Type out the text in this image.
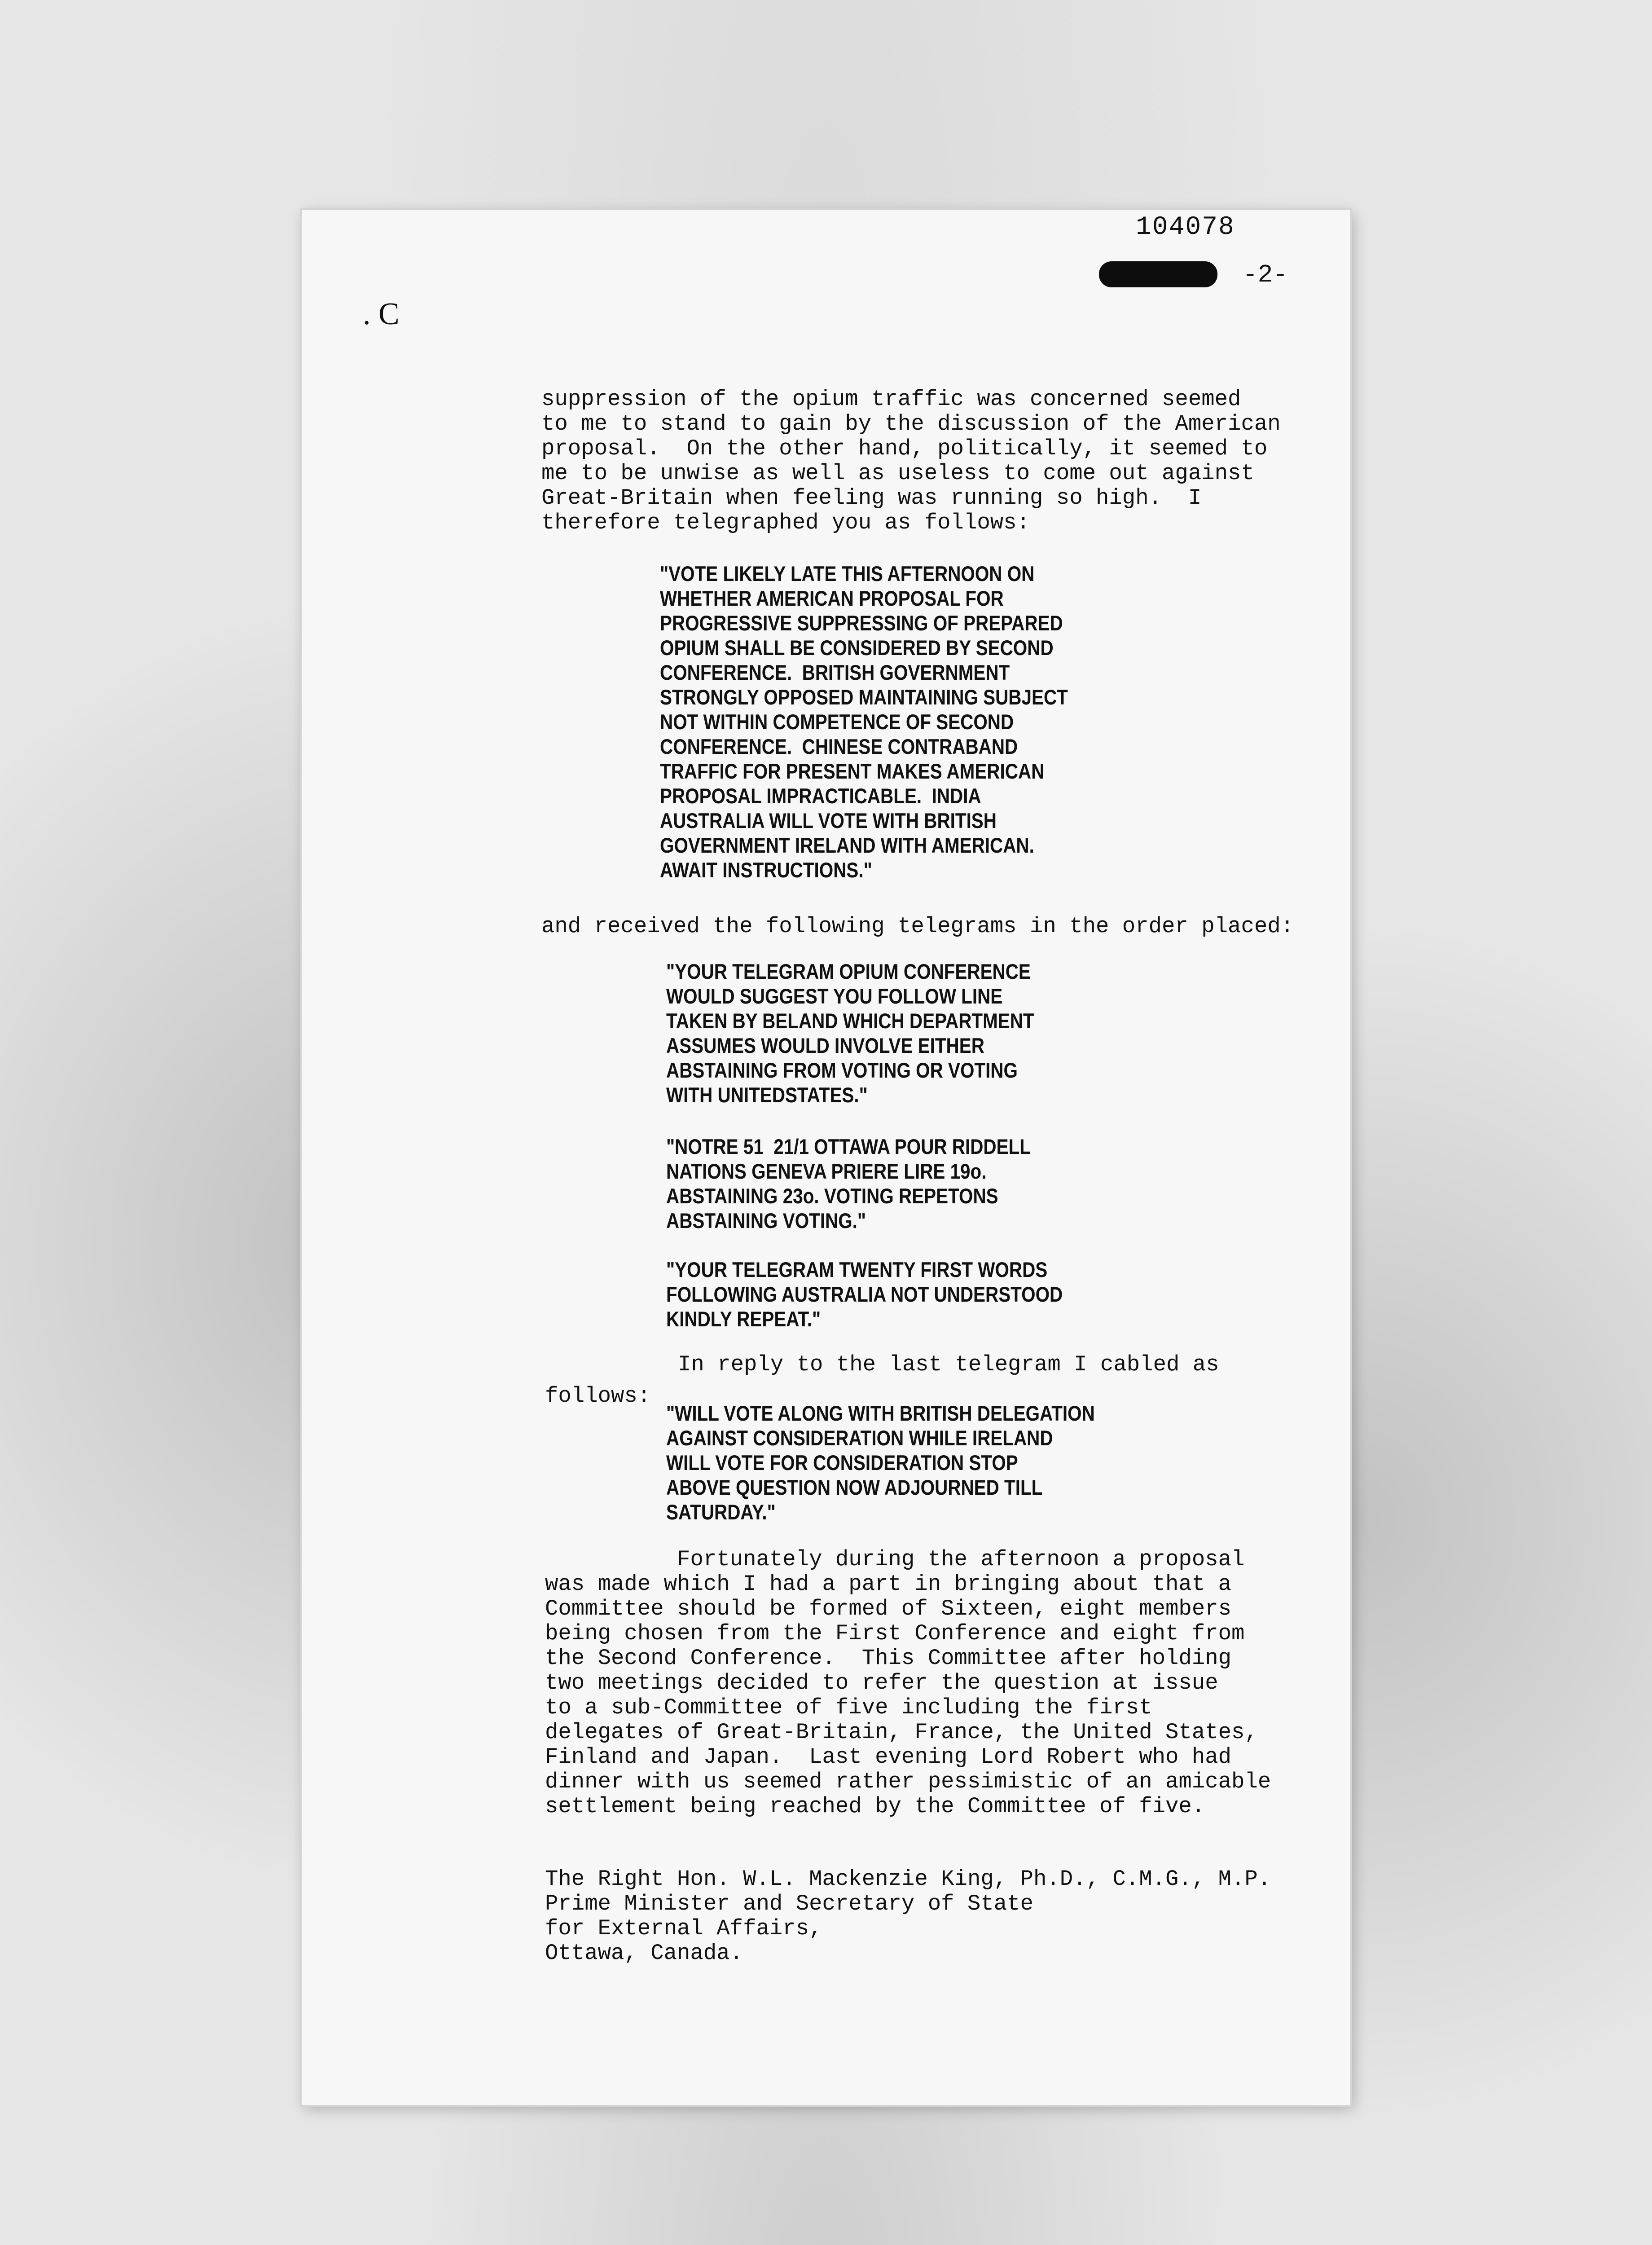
104078
-2-
. C
suppression of the opium traffic was concerned seemed
to me to stand to gain by the discussion of the American
proposal.  On the other hand, politically, it seemed to
me to be unwise as well as useless to come out against
Great-Britain when feeling was running so high.  I
therefore telegraphed you as follows:
"VOTE LIKELY LATE THIS AFTERNOON ON
WHETHER AMERICAN PROPOSAL FOR
PROGRESSIVE SUPPRESSING OF PREPARED
OPIUM SHALL BE CONSIDERED BY SECOND
CONFERENCE.  BRITISH GOVERNMENT
STRONGLY OPPOSED MAINTAINING SUBJECT
NOT WITHIN COMPETENCE OF SECOND
CONFERENCE.  CHINESE CONTRABAND
TRAFFIC FOR PRESENT MAKES AMERICAN
PROPOSAL IMPRACTICABLE.  INDIA
AUSTRALIA WILL VOTE WITH BRITISH
GOVERNMENT IRELAND WITH AMERICAN.
AWAIT INSTRUCTIONS."
and received the following telegrams in the order placed:
"YOUR TELEGRAM OPIUM CONFERENCE
WOULD SUGGEST YOU FOLLOW LINE
TAKEN BY BELAND WHICH DEPARTMENT
ASSUMES WOULD INVOLVE EITHER
ABSTAINING FROM VOTING OR VOTING
WITH UNITEDSTATES."
"NOTRE 51  21/1 OTTAWA POUR RIDDELL
NATIONS GENEVA PRIERE LIRE 19o.
ABSTAINING 23o. VOTING REPETONS
ABSTAINING VOTING."
"YOUR TELEGRAM TWENTY FIRST WORDS
FOLLOWING AUSTRALIA NOT UNDERSTOOD
KINDLY REPEAT."
In reply to the last telegram I cabled as
follows:
"WILL VOTE ALONG WITH BRITISH DELEGATION
AGAINST CONSIDERATION WHILE IRELAND
WILL VOTE FOR CONSIDERATION STOP
ABOVE QUESTION NOW ADJOURNED TILL
SATURDAY."
Fortunately during the afternoon a proposal
was made which I had a part in bringing about that a
Committee should be formed of Sixteen, eight members
being chosen from the First Conference and eight from
the Second Conference.  This Committee after holding
two meetings decided to refer the question at issue
to a sub-Committee of five including the first
delegates of Great-Britain, France, the United States,
Finland and Japan.  Last evening Lord Robert who had
dinner with us seemed rather pessimistic of an amicable
settlement being reached by the Committee of five.
The Right Hon. W.L. Mackenzie King, Ph.D., C.M.G., M.P.
Prime Minister and Secretary of State
for External Affairs,
Ottawa, Canada.
